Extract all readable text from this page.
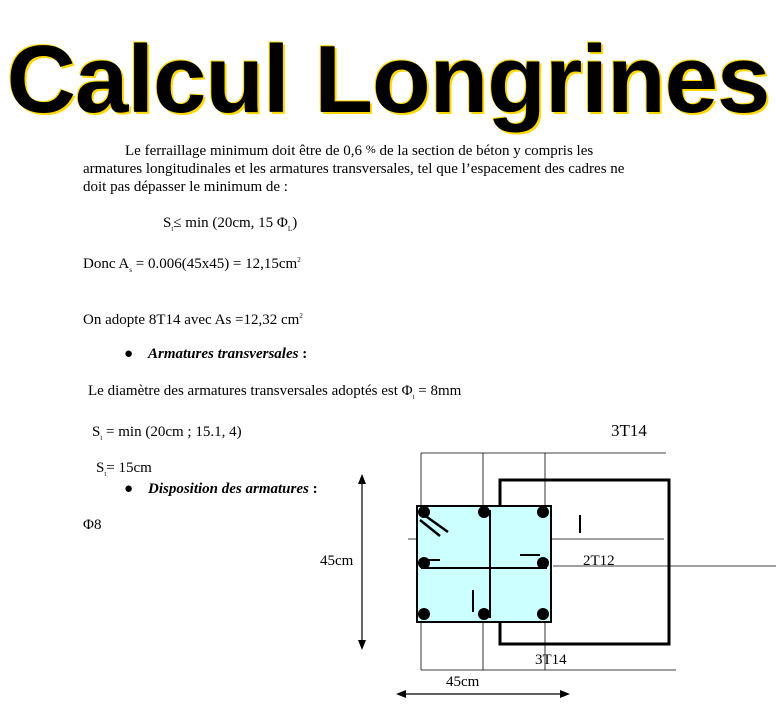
Calcul Longrines
Le ferraillage minimum doit être de 0,6 % de la section de béton y compris les
armatures longitudinales et les armatures transversales, tel que l’espacement des cadres ne
doit pas dépasser le minimum de :
$S_t\le \min (20cm$, 15 $\Phi_L$)
Donc $A_s = 0.006(45x45) = 12,15cm^2$
On adopte 8T14 avec As =12,32 $cm^2$
● Armatures transversales :
Le diamètre des armatures transversales adoptés est $\Phi_t = 8mm$
$S_t = \min (20cm$ ; 15.1, 4)
$S_t= 15cm$
● Disposition des armatures :
Φ8
3T14
2T12
3T14
45cm
45cm
